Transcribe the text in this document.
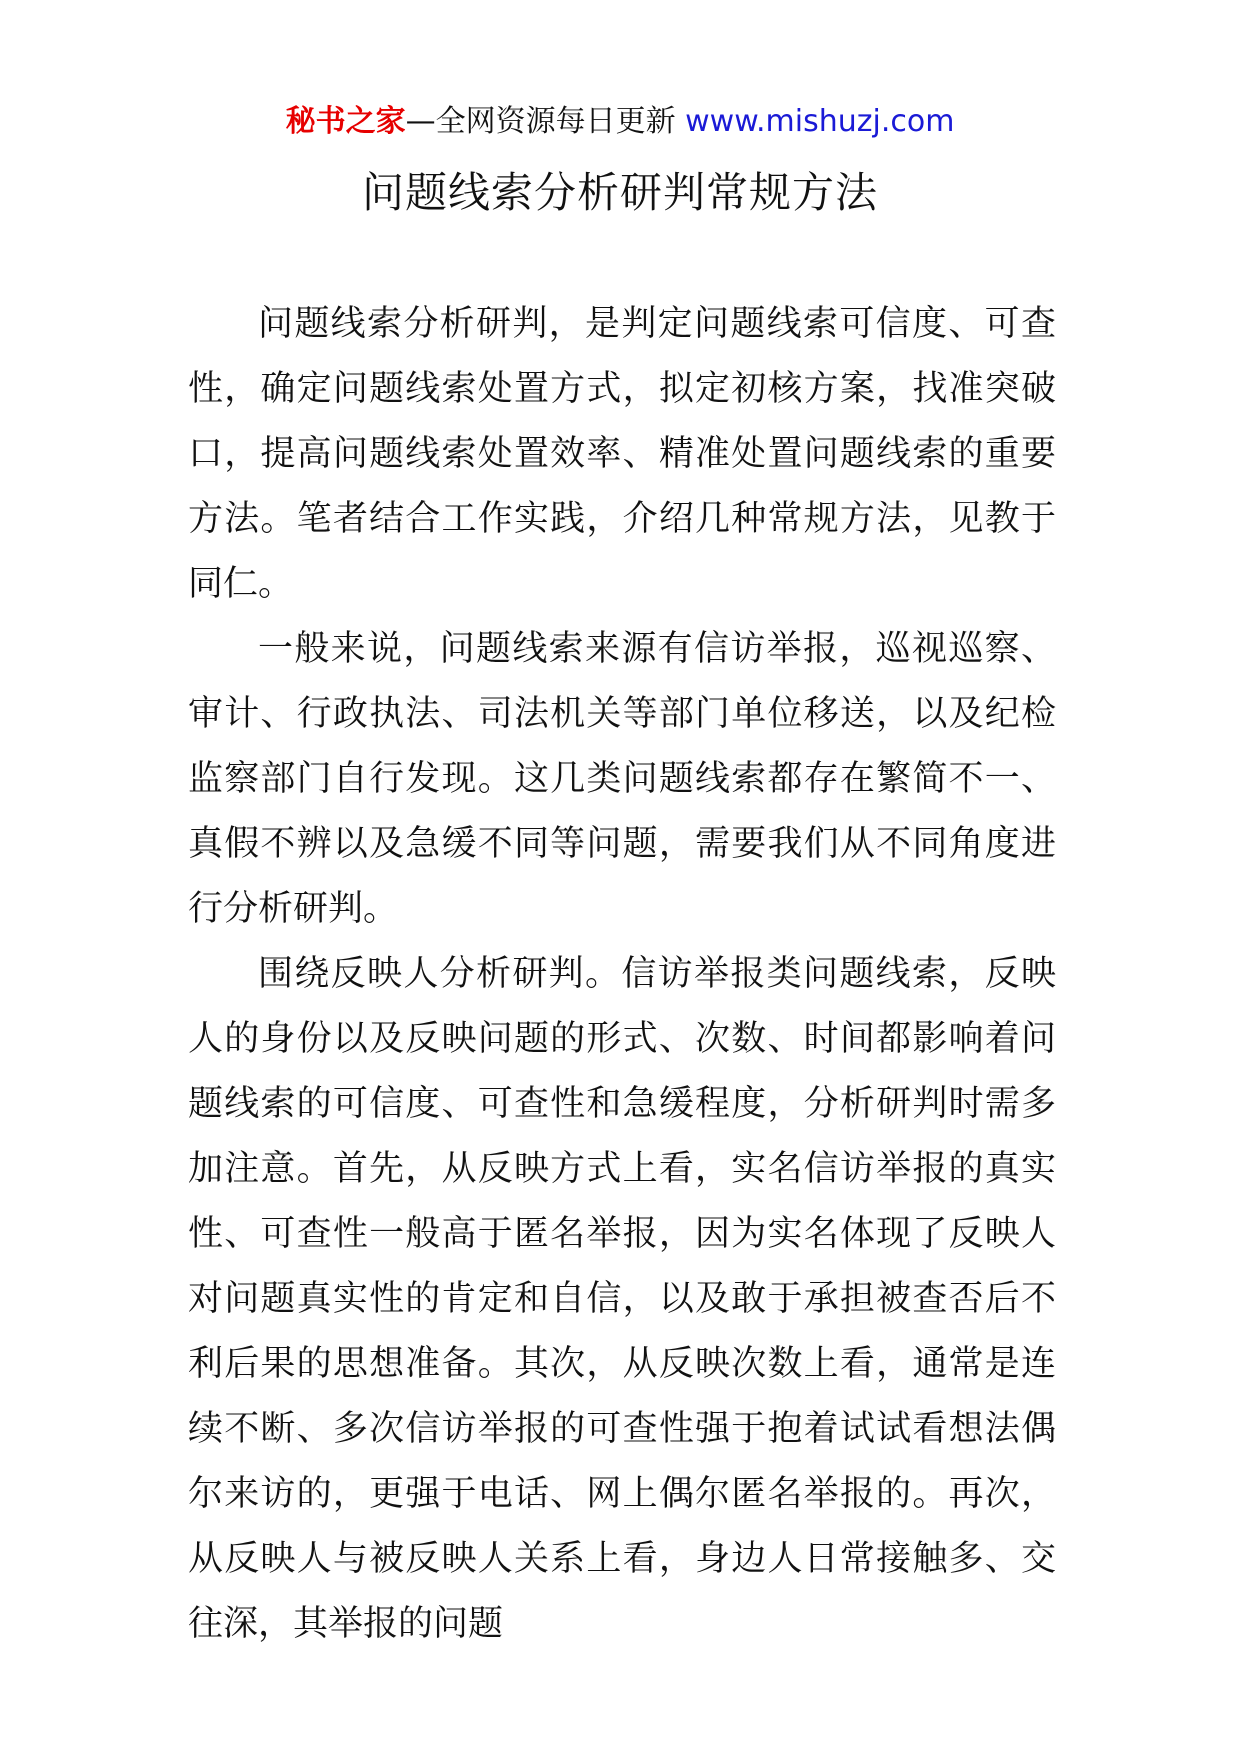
秘书之家—全网资源每日更新 www.mishuzj.com
问题线索分析研判常规方法

问题线索分析研判，是判定问题线索可信度、可查性，确定问题线索处置方式，拟定初核方案，找准突破口，提高问题线索处置效率、精准处置问题线索的重要方法。笔者结合工作实践，介绍几种常规方法，见教于同仁。

一般来说，问题线索来源有信访举报，巡视巡察、审计、行政执法、司法机关等部门单位移送，以及纪检监察部门自行发现。这几类问题线索都存在繁简不一、真假不辨以及急缓不同等问题，需要我们从不同角度进行分析研判。

围绕反映人分析研判。信访举报类问题线索，反映人的身份以及反映问题的形式、次数、时间都影响着问题线索的可信度、可查性和急缓程度，分析研判时需多加注意。首先，从反映方式上看，实名信访举报的真实性、可查性一般高于匿名举报，因为实名体现了反映人对问题真实性的肯定和自信，以及敢于承担被查否后不利后果的思想准备。其次，从反映次数上看，通常是连续不断、多次信访举报的可查性强于抱着试试看想法偶尔来访的，更强于电话、网上偶尔匿名举报的。再次，从反映人与被反映人关系上看，身边人日常接触多、交往深，其举报的问题
